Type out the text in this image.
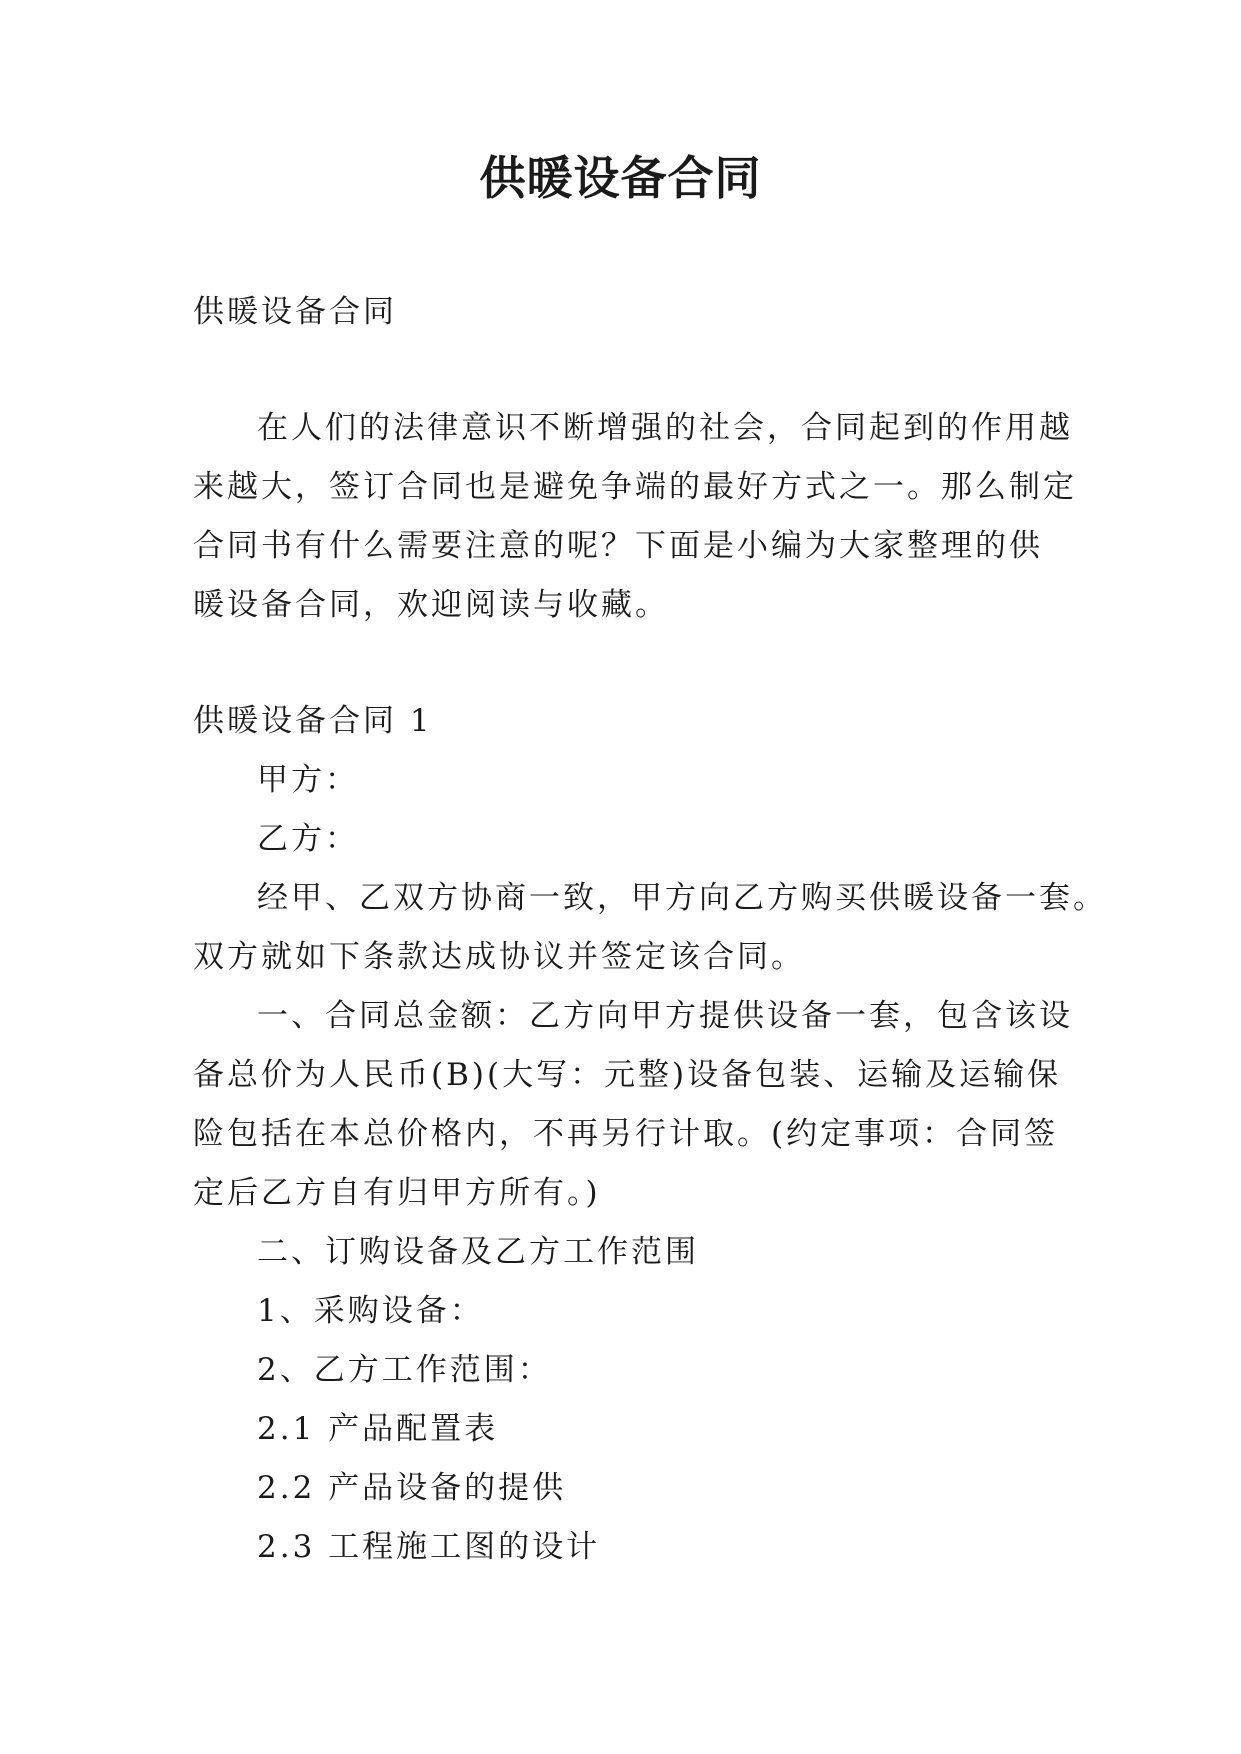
供暖设备合同
供暖设备合同
在人们的法律意识不断增强的社会，合同起到的作用越
来越大，签订合同也是避免争端的最好方式之一。那么制定
合同书有什么需要注意的呢？下面是小编为大家整理的供
暖设备合同，欢迎阅读与收藏。
供暖设备合同 1
甲方：
乙方：
经甲、乙双方协商一致，甲方向乙方购买供暖设备一套。
双方就如下条款达成协议并签定该合同。
一、合同总金额：乙方向甲方提供设备一套，包含该设
备总价为人民币(B)(大写：元整)设备包装、运输及运输保
险包括在本总价格内，不再另行计取。(约定事项：合同签
定后乙方自有归甲方所有。)
二、订购设备及乙方工作范围
1、采购设备：
2、乙方工作范围：
2.1 产品配置表
2.2 产品设备的提供
2.3 工程施工图的设计
